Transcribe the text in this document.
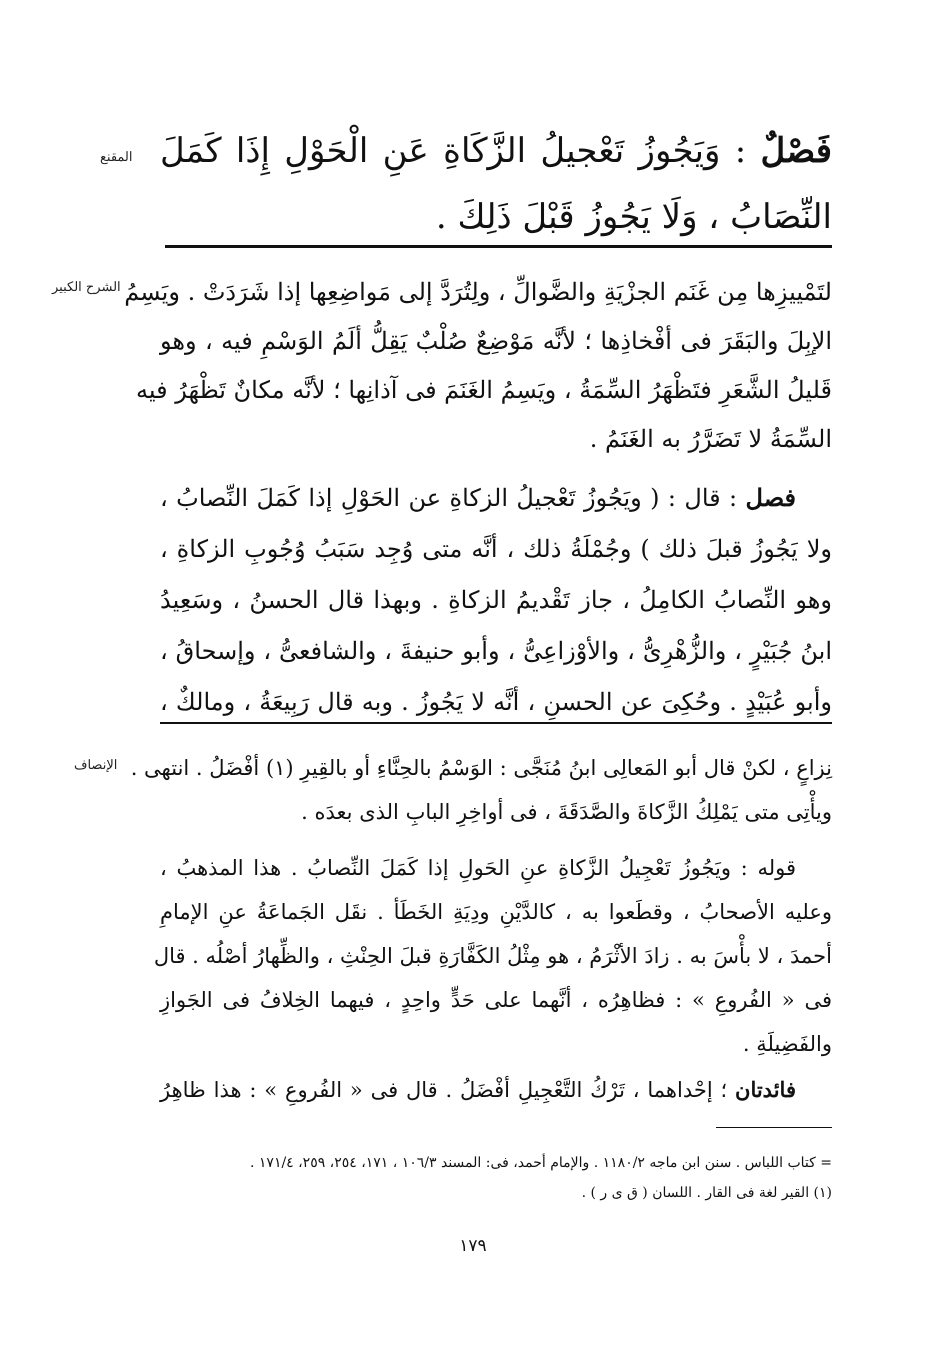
المقنع	فَصْلٌ : وَيَجُوزُ تَعْجيلُ الزَّكَاةِ عَنِ الْحَوْلِ إِذَا كَمَلَ
النِّصَابُ ، وَلَا يَجُوزُ قَبْلَ ذَلِكَ .
الشرح الكبير لتَمْييزِها مِن غَنَم الجزْيَةِ والضَّوالِّ ، ولِتُرَدَّ إلى مَواضِعِها إذا شَرَدَتْ . ويَسِمُ
الإبِلَ والبَقَرَ فى أفْخاذِها ؛ لأنَّه مَوْضِعٌ صُلْبٌ يَقِلُّ ألَمُ الوَسْمِ فيه ، وهو
قَليلُ الشَّعَرِ فتَظْهَرُ السِّمَةُ ، ويَسِمُ الغَنَمَ فى آذانِها ؛ لأنَّه مكانٌ تَظْهَرُ فيه
السِّمَةُ لا تَضَرَّرُ به الغَنَمُ .
فصل : قال : ( ويَجُوزُ تَعْجيلُ الزكاةِ عن الحَوْلِ إذا كَمَلَ النِّصابُ ،
ولا يَجُوزُ قبلَ ذلك ) وجُمْلَةُ ذلك ، أنَّه متى وُجِد سَبَبُ وُجُوبِ الزكاةِ ،
وهو النِّصابُ الكامِلُ ، جاز تَقْديمُ الزكاةِ . وبهذا قال الحسنُ ، وسَعِيدُ
ابنُ جُبَيْرٍ ، والزُّهْرِىُّ ، والأوْزاعِىُّ ، وأبو حنيفةَ ، والشافعىُّ ، وإسحاقُ ،
وأبو عُبَيْدٍ . وحُكِىَ عن الحسنِ ، أنَّه لا يَجُوزُ . وبه قال رَبِيعَةُ ، ومالكٌ ،
الإنصاف نِزاعٍ ، لكنْ قال أبو المَعالِى ابنُ مُنَجَّى : الوَسْمُ بالحِنَّاءِ أو بالقِيرِ (١) أفْضَلُ . انتهى .
ويأْتِى متى يَمْلِكُ الزَّكاةَ والصَّدَقَةَ ، فى أواخِرِ البابِ الذى بعدَه .
قوله : ويَجُوزُ تَعْجِيلُ الزَّكاةِ عنِ الحَولِ إذا كَمَلَ النِّصابُ . هذا المذهبُ ،
وعليه الأصحابُ ، وقطَعوا به ، كالدَّيْنِ ودِيَةِ الخَطَأ . نقَل الجَماعَةُ عنِ الإمامِ
أحمدَ ، لا بأْسَ به . زادَ الأثْرَمُ ، هو مِثْلُ الكَفَّارَةِ قبلَ الحِنْثِ ، والظِّهارُ أصْلُه . قال
فى « الفُروعِ » : فظاهِرُه ، أنَّهما على حَدٍّ واحِدٍ ، فيهما الخِلافُ فى الجَوازِ
والفَضِيلَةِ .
فائدتان ؛ إحْداهما ، تَرْكُ التَّعْجِيلِ أفْضَلُ . قال فى « الفُروعِ » : هذا ظاهِرُ
= كتاب اللباس . سنن ابن ماجه ١١٨٠/٢ . والإمام أحمد، فى: المسند ١٠٦/٣ ، ١٧١، ٢٥٤، ٢٥٩، ١٧١/٤ .
(١) القير لغة فى القار . اللسان ( ق ى ر ) .
١٧٩
